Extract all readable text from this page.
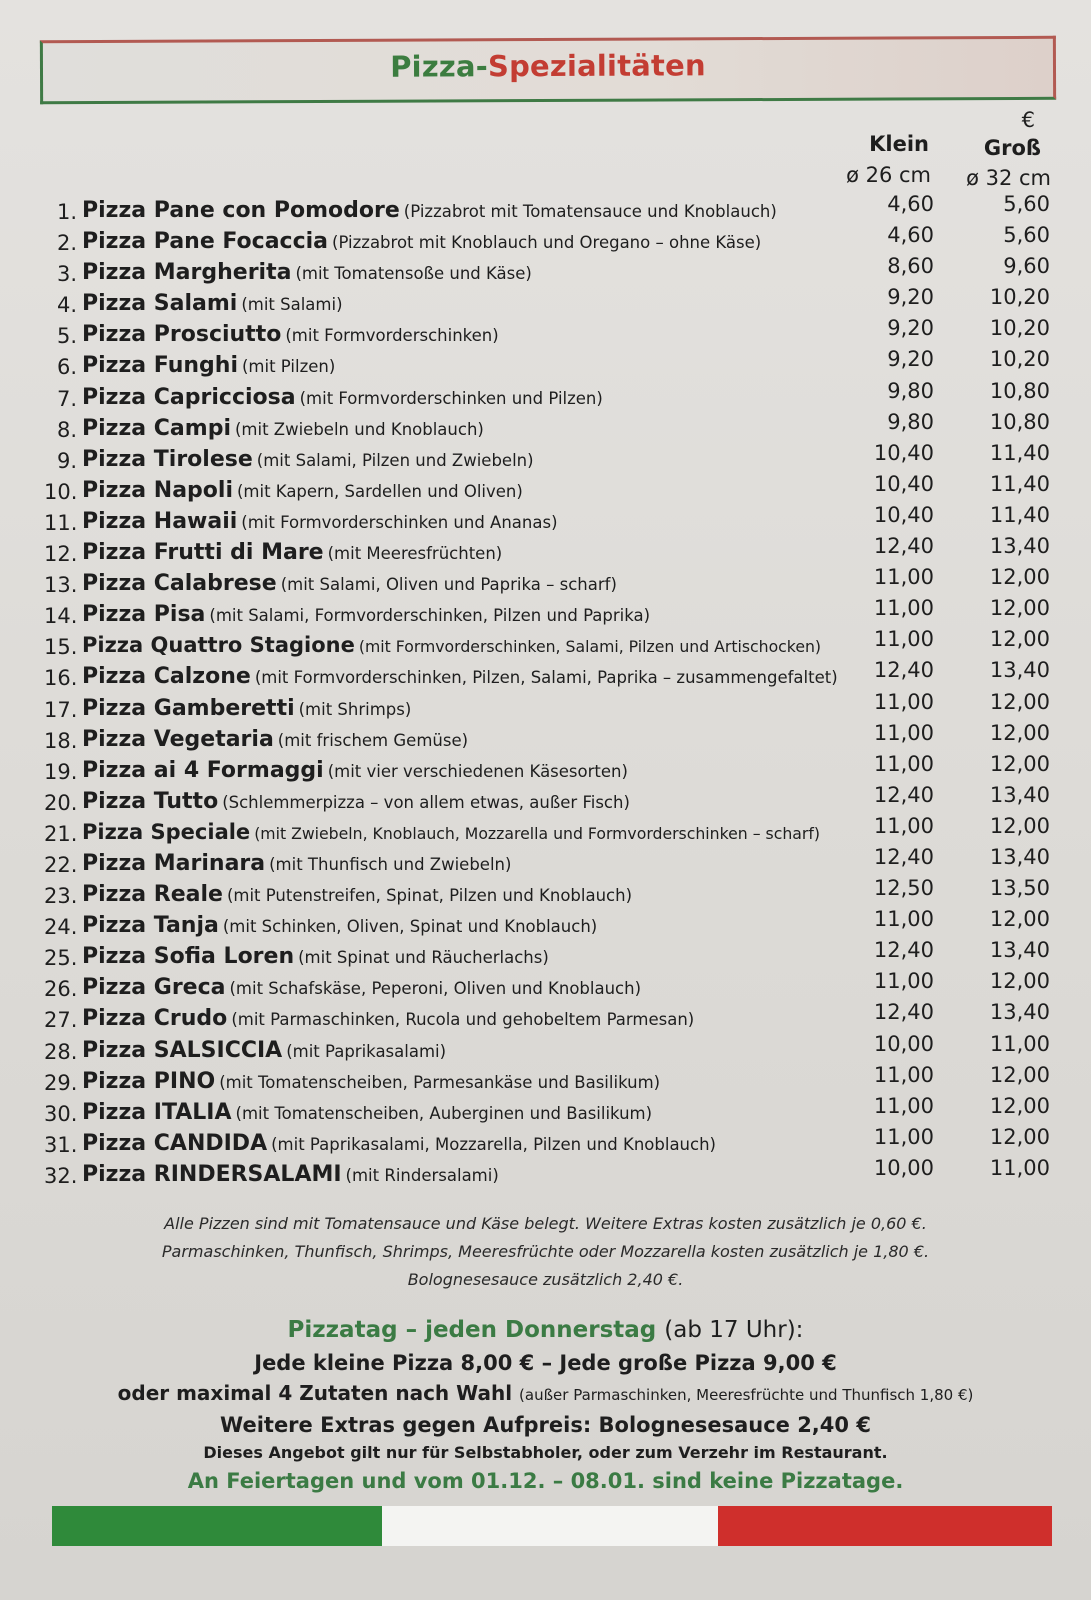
Pizza-Spezialitäten
€
Klein	Groß
ø 26 cm	ø 32 cm
1. Pizza Pane con Pomodore (Pizzabrot mit Tomatensauce und Knoblauch)	4,60	5,60
2. Pizza Pane Focaccia (Pizzabrot mit Knoblauch und Oregano – ohne Käse)	4,60	5,60
3. Pizza Margherita (mit Tomatensoße und Käse)	8,60	9,60
4. Pizza Salami (mit Salami)	9,20	10,20
5. Pizza Prosciutto (mit Formvorderschinken)	9,20	10,20
6. Pizza Funghi (mit Pilzen)	9,20	10,20
7. Pizza Capricciosa (mit Formvorderschinken und Pilzen)	9,80	10,80
8. Pizza Campi (mit Zwiebeln und Knoblauch)	9,80	10,80
9. Pizza Tirolese (mit Salami, Pilzen und Zwiebeln)	10,40	11,40
10. Pizza Napoli (mit Kapern, Sardellen und Oliven)	10,40	11,40
11. Pizza Hawaii (mit Formvorderschinken und Ananas)	10,40	11,40
12. Pizza Frutti di Mare (mit Meeresfrüchten)	12,40	13,40
13. Pizza Calabrese (mit Salami, Oliven und Paprika – scharf)	11,00	12,00
14. Pizza Pisa (mit Salami, Formvorderschinken, Pilzen und Paprika)	11,00	12,00
15. Pizza Quattro Stagione (mit Formvorderschinken, Salami, Pilzen und Artischocken)	11,00	12,00
16. Pizza Calzone (mit Formvorderschinken, Pilzen, Salami, Paprika – zusammengefaltet)	12,40	13,40
17. Pizza Gamberetti (mit Shrimps)	11,00	12,00
18. Pizza Vegetaria (mit frischem Gemüse)	11,00	12,00
19. Pizza ai 4 Formaggi (mit vier verschiedenen Käsesorten)	11,00	12,00
20. Pizza Tutto (Schlemmerpizza – von allem etwas, außer Fisch)	12,40	13,40
21. Pizza Speciale (mit Zwiebeln, Knoblauch, Mozzarella und Formvorderschinken – scharf)	11,00	12,00
22. Pizza Marinara (mit Thunfisch und Zwiebeln)	12,40	13,40
23. Pizza Reale (mit Putenstreifen, Spinat, Pilzen und Knoblauch)	12,50	13,50
24. Pizza Tanja (mit Schinken, Oliven, Spinat und Knoblauch)	11,00	12,00
25. Pizza Sofia Loren (mit Spinat und Räucherlachs)	12,40	13,40
26. Pizza Greca (mit Schafskäse, Peperoni, Oliven und Knoblauch)	11,00	12,00
27. Pizza Crudo (mit Parmaschinken, Rucola und gehobeltem Parmesan)	12,40	13,40
28. Pizza SALSICCIA (mit Paprikasalami)	10,00	11,00
29. Pizza PINO (mit Tomatenscheiben, Parmesankäse und Basilikum)	11,00	12,00
30. Pizza ITALIA (mit Tomatenscheiben, Auberginen und Basilikum)	11,00	12,00
31. Pizza CANDIDA (mit Paprikasalami, Mozzarella, Pilzen und Knoblauch)	11,00	12,00
32. Pizza RINDERSALAMI (mit Rindersalami)	10,00	11,00
Alle Pizzen sind mit Tomatensauce und Käse belegt. Weitere Extras kosten zusätzlich je 0,60 €.
Parmaschinken, Thunfisch, Shrimps, Meeresfrüchte oder Mozzarella kosten zusätzlich je 1,80 €.
Bolognesesauce zusätzlich 2,40 €.
Pizzatag – jeden Donnerstag (ab 17 Uhr):
Jede kleine Pizza 8,00 € – Jede große Pizza 9,00 €
oder maximal 4 Zutaten nach Wahl (außer Parmaschinken, Meeresfrüchte und Thunfisch 1,80 €)
Weitere Extras gegen Aufpreis: Bolognesesauce 2,40 €
Dieses Angebot gilt nur für Selbstabholer, oder zum Verzehr im Restaurant.
An Feiertagen und vom 01.12. – 08.01. sind keine Pizzatage.
